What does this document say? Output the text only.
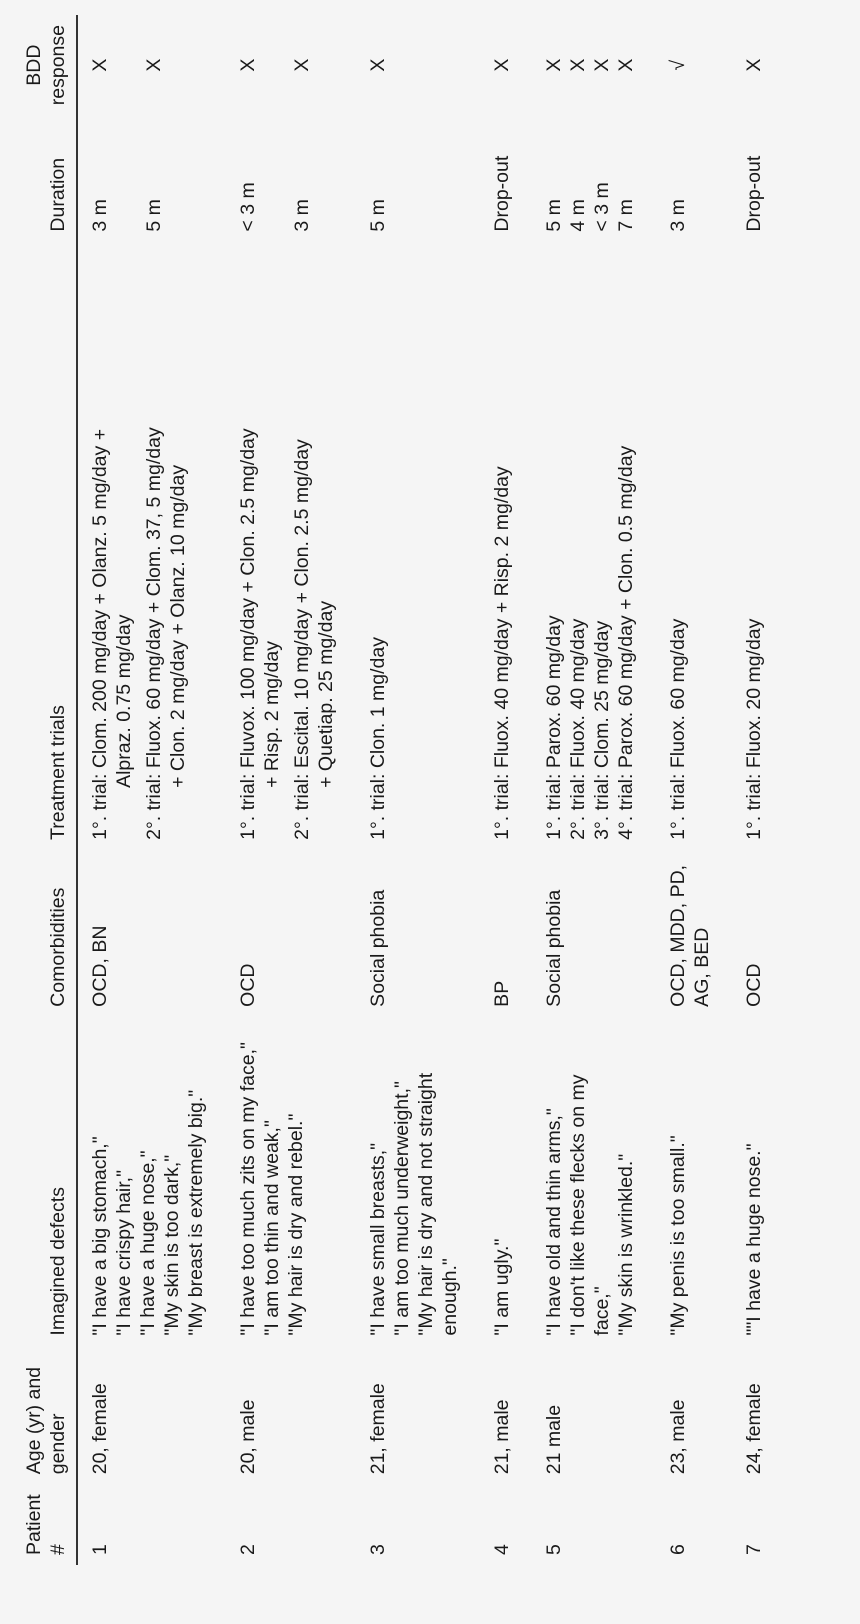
Patient #	Age (yr) and gender	Imagined defects	Comorbidities	Treatment trials	Duration	BDD response

1	20, female	"I have a big stomach," "I have crispy hair," "I have a huge nose," "My skin is too dark," "My breast is extremely big."	OCD, BN	1°. trial: Clom. 200 mg/day + Olanz. 5 mg/day + Alpraz. 0.75 mg/day 2°. trial: Fluox. 60 mg/day + Clom. 37, 5 mg/day + Clon. 2 mg/day + Olanz. 10 mg/day	3 m 5 m	X X

2	20, male	"I have too much zits on my face," "I am too thin and weak," "My hair is dry and rebel."	OCD	1°. trial: Fluvox. 100 mg/day + Clon. 2.5 mg/day + Risp. 2 mg/day 2°. trial: Escital. 10 mg/day + Clon. 2.5 mg/day + Quetiap. 25 mg/day	< 3 m 3 m	X X

3	21, female	"I have small breasts," "I am too much underweight," "My hair is dry and not straight enough."	Social phobia	1°. trial: Clon. 1 mg/day	5 m	X

4	21, male	"I am ugly."	BP	1°. trial: Fluox. 40 mg/day + Risp. 2 mg/day	Drop-out	X

5	21 male	"I have old and thin arms," "I don't like these flecks on my face," "My skin is wrinkled."	Social phobia	1°. trial: Parox. 60 mg/day 2°. trial: Fluox. 40 mg/day 3°. trial: Clom. 25 mg/day 4°. trial: Parox. 60 mg/day + Clon. 0.5 mg/day	5 m 4 m < 3 m 7 m	X X X X

6	23, male	"My penis is too small."	OCD, MDD, PD, AG, BED	1°. trial: Fluox. 60 mg/day	3 m	√

7	24, female	""I have a huge nose."	OCD	1°. trial: Fluox. 20 mg/day	Drop-out	X
